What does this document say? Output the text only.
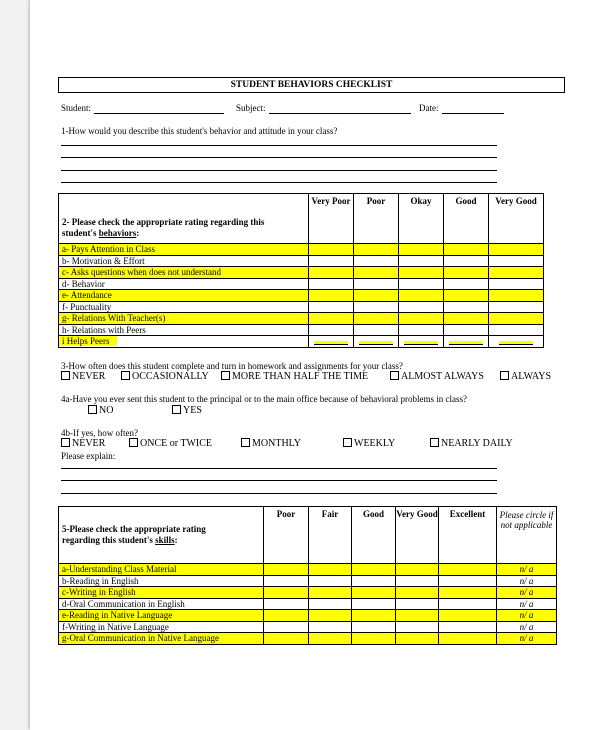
STUDENT BEHAVIORS CHECKLIST
Student:	Subject:	Date:
1-How would you describe this student's behavior and attitude in your class?
2- Please check the appropriate rating regarding this
student's behaviors:	Very Poor	Poor	Okay	Good	Very Good
a- Pays Attention in Class					
b- Motivation & Effort					
c- Asks questions when does not understand					
d- Behavior					
e- Attendance					
f- Punctuality					
g- Relations With Teacher(s)					
h- Relations with Peers					
i Helps Peers					
3-How often does this student complete and turn in homework and assignments for your class?
NEVER	OCCASIONALLY	MORE THAN HALF THE TIME	ALMOST ALWAYS	ALWAYS
4a-Have you ever sent this student to the principal or to the main office because of behavioral problems in class?
NO	YES
4b-If yes, how often?
NEVER	ONCE or TWICE	MONTHLY	WEEKLY	NEARLY DAILY
Please explain:
5-Please check the appropriate rating
regarding this student's skills:	Poor	Fair	Good	Very Good	Excellent	Please circle if not applicable
a-Understanding Class Material						n/ a
b-Reading in English						n/ a
c-Writing in English						n/ a
d-Oral Communication in English						n/ a
e-Reading in Native Language						n/ a
f-Writing in Native Language						n/ a
g-Oral Communication in Native Language						n/ a
